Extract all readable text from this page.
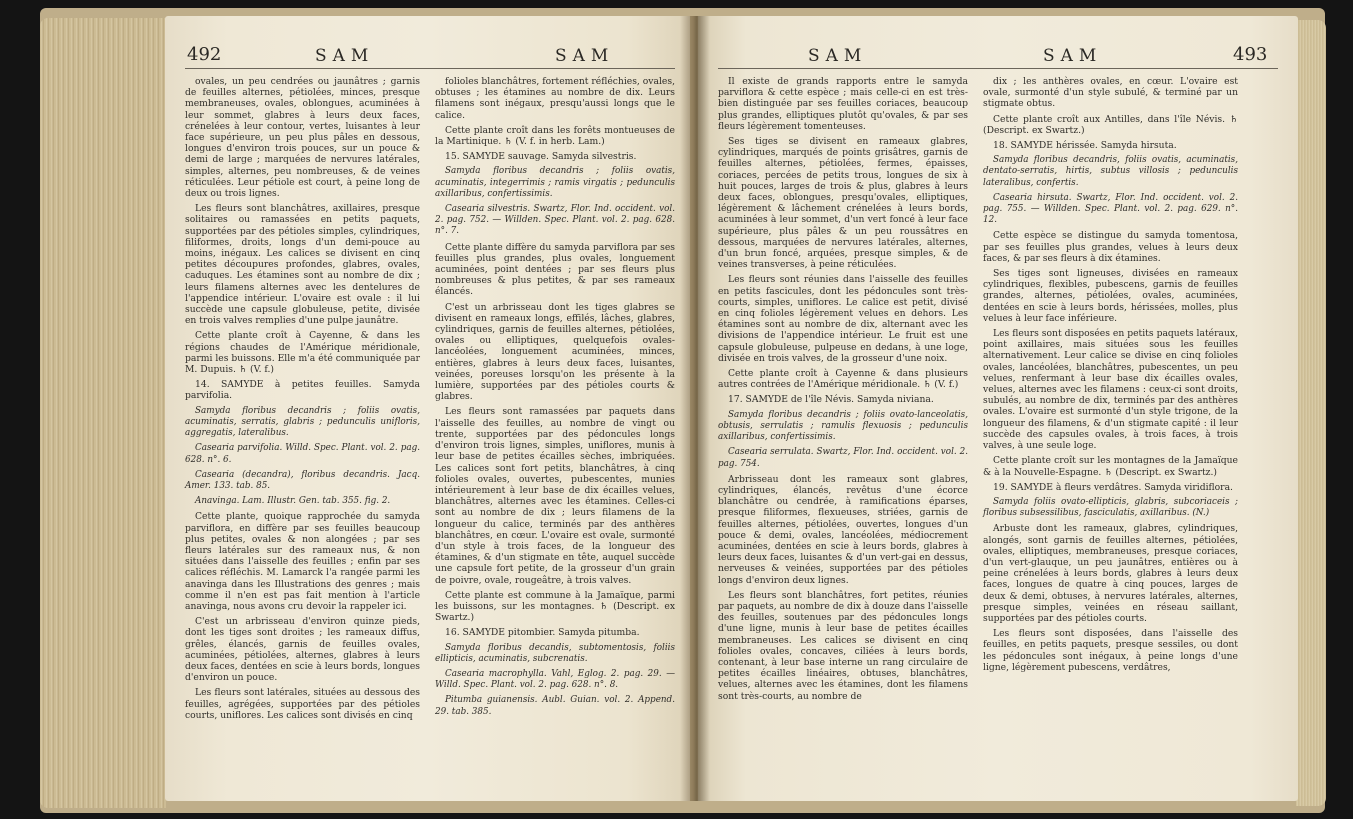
492	SAM	SAM

ovales, un peu cendrées ou jaunâtres ; garnis de feuilles alternes, pétiolées, minces, presque membraneuses, ovales, oblongues, acuminées à leur sommet, glabres à leurs deux faces, crénelées à leur contour, vertes, luisantes à leur face supérieure, un peu plus pâles en dessous, longues d'environ trois pouces, sur un pouce & demi de large ; marquées de nervures latérales, simples, alternes, peu nombreuses, & de veines réticulées. Leur pétiole est court, à peine long de deux ou trois lignes.

Les fleurs sont blanchâtres, axillaires, presque solitaires ou ramassées en petits paquets, supportées par des pétioles simples, cylindriques, filiformes, droits, longs d'un demi-pouce au moins, inégaux. Les calices se divisent en cinq petites découpures profondes, glabres, ovales, caduques. Les étamines sont au nombre de dix ; leurs filamens alternes avec les dentelures de l'appendice intérieur. L'ovaire est ovale : il lui succède une capsule globuleuse, petite, divisée en trois valves remplies d'une pulpe jaunâtre.

Cette plante croît à Cayenne, & dans les régions chaudes de l'Amérique méridionale, parmi les buissons. Elle m'a été communiquée par M. Dupuis. ♄ (V. f.)

14. SAMYDE à petites feuilles. Samyda parvifolia.

Samyda floribus decandris ; foliis ovatis, acuminatis, serratis, glabris ; pedunculis unifloris, aggregatis, lateralibus.

Casearia parvifolia. Willd. Spec. Plant. vol. 2. pag. 628. n°. 6.

Casearia (decandra), floribus decandris. Jacq. Amer. 133. tab. 85.

Anavinga. Lam. Illustr. Gen. tab. 355. fig. 2.

Cette plante, quoique rapprochée du samyda parviflora, en diffère par ses feuilles beaucoup plus petites, ovales & non alongées ; par ses fleurs latérales sur des rameaux nus, & non situées dans l'aisselle des feuilles ; enfin par ses calices réfléchis. M. Lamarck l'a rangée parmi les anavinga dans les Illustrations des genres ; mais comme il n'en est pas fait mention à l'article anavinga, nous avons cru devoir la rappeler ici.

C'est un arbrisseau d'environ quinze pieds, dont les tiges sont droites ; les rameaux diffus, grêles, élancés, garnis de feuilles ovales, acuminées, pétiolées, alternes, glabres à leurs deux faces, dentées en scie à leurs bords, longues d'environ un pouce.

Les fleurs sont latérales, situées au dessous des feuilles, agrégées, supportées par des pétioles courts, uniflores. Les calices sont divisés en cinq

folioles blanchâtres, fortement réfléchies, ovales, obtuses ; les étamines au nombre de dix. Leurs filamens sont inégaux, presqu'aussi longs que le calice.

Cette plante croît dans les forêts montueuses de la Martinique. ♄ (V. f. in herb. Lam.)

15. SAMYDE sauvage. Samyda silvestris.

Samyda floribus decandris ; foliis ovatis, acuminatis, integerrimis ; ramis virgatis ; pedunculis axillaribus, confertissimis.

Casearia silvestris. Swartz, Flor. Ind. occident. vol. 2. pag. 752. — Willden. Spec. Plant. vol. 2. pag. 628. n°. 7.

Cette plante diffère du samyda parviflora par ses feuilles plus grandes, plus ovales, longuement acuminées, point dentées ; par ses fleurs plus nombreuses & plus petites, & par ses rameaux élancés.

C'est un arbrisseau dont les tiges glabres se divisent en rameaux longs, effilés, lâches, glabres, cylindriques, garnis de feuilles alternes, pétiolées, ovales ou elliptiques, quelquefois ovales-lancéolées, longuement acuminées, minces, entières, glabres à leurs deux faces, luisantes, veinées, poreuses lorsqu'on les présente à la lumière, supportées par des pétioles courts & glabres.

Les fleurs sont ramassées par paquets dans l'aisselle des feuilles, au nombre de vingt ou trente, supportées par des pédoncules longs d'environ trois lignes, simples, uniflores, munis à leur base de petites écailles sèches, imbriquées. Les calices sont fort petits, blanchâtres, à cinq folioles ovales, ouvertes, pubescentes, munies intérieurement à leur base de dix écailles velues, blanchâtres, alternes avec les étamines. Celles-ci sont au nombre de dix ; leurs filamens de la longueur du calice, terminés par des anthères blanchâtres, en cœur. L'ovaire est ovale, surmonté d'un style à trois faces, de la longueur des étamines, & d'un stigmate en tête, auquel succède une capsule fort petite, de la grosseur d'un grain de poivre, ovale, rougeâtre, à trois valves.

Cette plante est commune à la Jamaïque, parmi les buissons, sur les montagnes. ♄ (Descript. ex Swartz.)

16. SAMYDE pitombier. Samyda pitumba.

Samyda floribus decandis, subtomentosis, foliis ellipticis, acuminatis, subcrenatis.

Casearia macrophylla. Vahl, Eglog. 2. pag. 29. — Willd. Spec. Plant. vol. 2. pag. 628. n°. 8.

Pitumba guianensis. Aubl. Guian. vol. 2. Append. 29. tab. 385.

SAM	SAM	493

Il existe de grands rapports entre le samyda parviflora & cette espèce ; mais celle-ci en est très-bien distinguée par ses feuilles coriaces, beaucoup plus grandes, elliptiques plutôt qu'ovales, & par ses fleurs légèrement tomenteuses.

Ses tiges se divisent en rameaux glabres, cylindriques, marqués de points grisâtres, garnis de feuilles alternes, pétiolées, fermes, épaisses, coriaces, percées de petits trous, longues de six à huit pouces, larges de trois & plus, glabres à leurs deux faces, oblongues, presqu'ovales, elliptiques, légèrement & lâchement crénelées à leurs bords, acuminées à leur sommet, d'un vert foncé à leur face supérieure, plus pâles & un peu roussâtres en dessous, marquées de nervures latérales, alternes, d'un brun foncé, arquées, presque simples, & de veines transverses, à peine réticulées.

Les fleurs sont réunies dans l'aisselle des feuilles en petits fascicules, dont les pédoncules sont très-courts, simples, uniflores. Le calice est petit, divisé en cinq folioles légèrement velues en dehors. Les étamines sont au nombre de dix, alternant avec les divisions de l'appendice intérieur. Le fruit est une capsule globuleuse, pulpeuse en dedans, à une loge, divisée en trois valves, de la grosseur d'une noix.

Cette plante croît à Cayenne & dans plusieurs autres contrées de l'Amérique méridionale. ♄ (V. f.)

17. SAMYDE de l'île Névis. Samyda niviana.

Samyda floribus decandris ; foliis ovato-lanceolatis, obtusis, serrulatis ; ramulis flexuosis ; pedunculis axillaribus, confertissimis.

Casearia serrulata. Swartz, Flor. Ind. occident. vol. 2. pag. 754.

Arbrisseau dont les rameaux sont glabres, cylindriques, élancés, revêtus d'une écorce blanchâtre ou cendrée, à ramifications éparses, presque filiformes, flexueuses, striées, garnis de feuilles alternes, pétiolées, ouvertes, longues d'un pouce & demi, ovales, lancéolées, médiocrement acuminées, dentées en scie à leurs bords, glabres à leurs deux faces, luisantes & d'un vert-gai en dessus, nerveuses & veinées, supportées par des pétioles longs d'environ deux lignes.

Les fleurs sont blanchâtres, fort petites, réunies par paquets, au nombre de dix à douze dans l'aisselle des feuilles, soutenues par des pédoncules longs d'une ligne, munis à leur base de petites écailles membraneuses. Les calices se divisent en cinq folioles ovales, concaves, ciliées à leurs bords, contenant, à leur base interne un rang circulaire de petites écailles linéaires, obtuses, blanchâtres, velues, alternes avec les étamines, dont les filamens sont très-courts, au nombre de

dix ; les anthères ovales, en cœur. L'ovaire est ovale, surmonté d'un style subulé, & terminé par un stigmate obtus.

Cette plante croît aux Antilles, dans l'île Névis. ♄ (Descript. ex Swartz.)

18. SAMYDE hérissée. Samyda hirsuta.

Samyda floribus decandris, foliis ovatis, acuminatis, dentato-serratis, hirtis, subtus villosis ; pedunculis lateralibus, confertis.

Casearia hirsuta. Swartz, Flor. Ind. occident. vol. 2. pag. 755. — Willden. Spec. Plant. vol. 2. pag. 629. n°. 12.

Cette espèce se distingue du samyda tomentosa, par ses feuilles plus grandes, velues à leurs deux faces, & par ses fleurs à dix étamines.

Ses tiges sont ligneuses, divisées en rameaux cylindriques, flexibles, pubescens, garnis de feuilles grandes, alternes, pétiolées, ovales, acuminées, dentées en scie à leurs bords, hérissées, molles, plus velues à leur face inférieure.

Les fleurs sont disposées en petits paquets latéraux, point axillaires, mais situées sous les feuilles alternativement. Leur calice se divise en cinq folioles ovales, lancéolées, blanchâtres, pubescentes, un peu velues, renfermant à leur base dix écailles ovales, velues, alternes avec les filamens : ceux-ci sont droits, subulés, au nombre de dix, terminés par des anthères ovales. L'ovaire est surmonté d'un style trigone, de la longueur des filamens, & d'un stigmate capité : il leur succède des capsules ovales, à trois faces, à trois valves, à une seule loge.

Cette plante croît sur les montagnes de la Jamaïque & à la Nouvelle-Espagne. ♄ (Descript. ex Swartz.)

19. SAMYDE à fleurs verdâtres. Samyda viridiflora.

Samyda foliis ovato-ellipticis, glabris, subcoriaceis ; floribus subsessilibus, fasciculatis, axillaribus. (N.)

Arbuste dont les rameaux, glabres, cylindriques, alongés, sont garnis de feuilles alternes, pétiolées, ovales, elliptiques, membraneuses, presque coriaces, d'un vert-glauque, un peu jaunâtres, entières ou à peine crénelées à leurs bords, glabres à leurs deux faces, longues de quatre à cinq pouces, larges de deux & demi, obtuses, à nervures latérales, alternes, presque simples, veinées en réseau saillant, supportées par des pétioles courts.

Les fleurs sont disposées, dans l'aisselle des feuilles, en petits paquets, presque sessiles, ou dont les pédoncules sont inégaux, à peine longs d'une ligne, légèrement pubescens, verdâtres,
